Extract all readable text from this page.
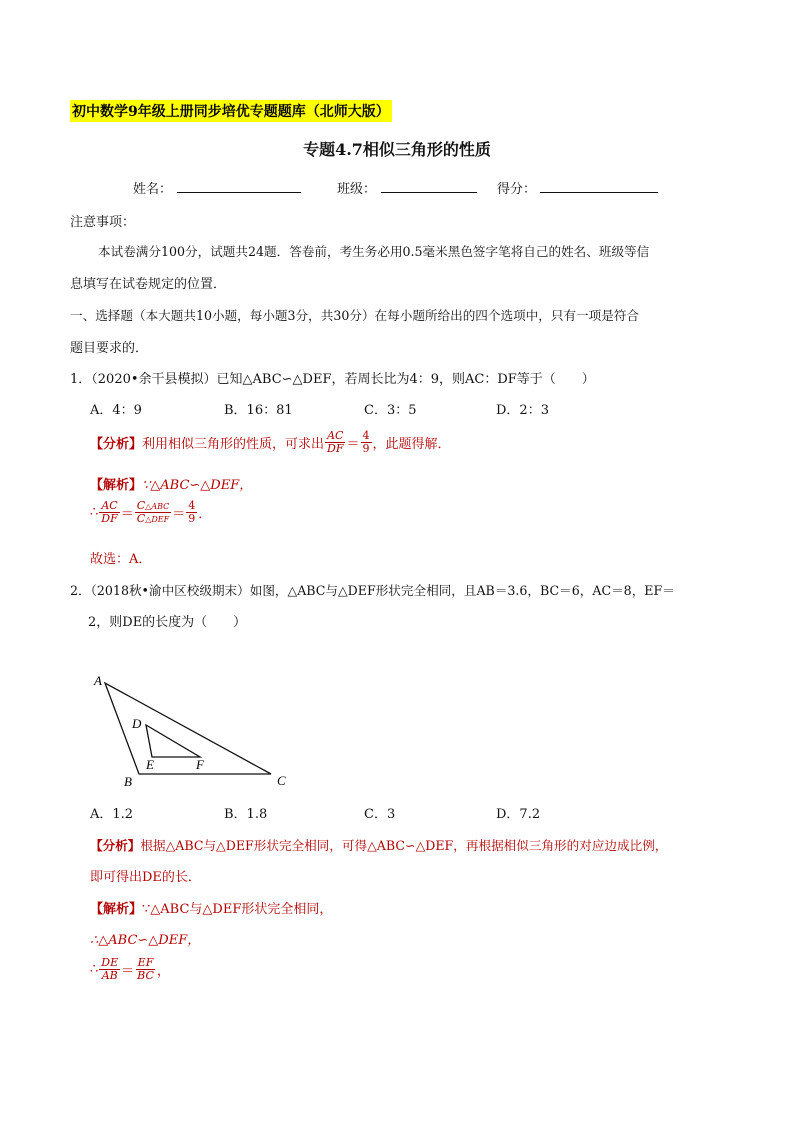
初中数学9年级上册同步培优专题题库（北师大版）
专题4.7相似三角形的性质
姓名：	班级：	得分：
注意事项：
本试卷满分100分，试题共24题．答卷前，考生务必用0.5毫米黑色签字笔将自己的姓名、班级等信
息填写在试卷规定的位置．
一、选择题（本大题共10小题，每小题3分，共30分）在每小题所给出的四个选项中，只有一项是符合
题目要求的．
1．（2020•余干县模拟）已知△ABC∽△DEF，若周长比为4：9，则AC：DF等于（　　）
A．4：9	B．16：81	C．3：5	D．2：3
【分析】 利用相似三角形的性质，可求出 $\frac{AC}{DF} = \frac{4}{9}$ ，此题得解．
【解析】∵△ABC∽△DEF，
∴ $\frac{AC}{DF} = \frac{\text{C△ABC}}{\text{C△DEF}} = \frac{4}{9}$ ．
故选：A．
2．（2018秋•渝中区校级期末）如图，△ABC与△DEF形状完全相同，且AB＝3.6，BC＝6，AC＝8，EF＝
2，则DE的长度为（　　）
A
B	C
D
E	F
A．1.2	B．1.8	C．3	D．7.2
【分析】根据△ABC与△DEF形状完全相同，可得△ABC∽△DEF，再根据相似三角形的对应边成比例，
即可得出DE的长．
【解析】∵△ABC与△DEF形状完全相同，
∴△ABC∽△DEF，
∴ $\frac{DE}{AB} = \frac{EF}{BC}$ ，
